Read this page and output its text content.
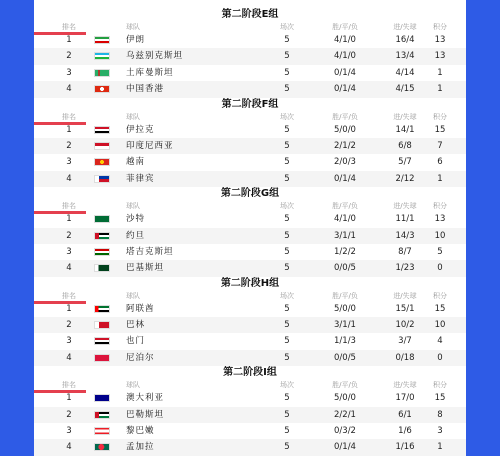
第二阶段E组
排名	球队	场次	胜/平/负	进/失球	积分
1	伊朗	5	4/1/0	16/4	13
2	乌兹别克斯坦	5	4/1/0	13/4	13
3	土库曼斯坦	5	0/1/4	4/14	1
4	中国香港	5	0/1/4	4/15	1
第二阶段F组
排名	球队	场次	胜/平/负	进/失球	积分
1	伊拉克	5	5/0/0	14/1	15
2	印度尼西亚	5	2/1/2	6/8	7
3	越南	5	2/0/3	5/7	6
4	菲律宾	5	0/1/4	2/12	1
第二阶段G组
排名	球队	场次	胜/平/负	进/失球	积分
1	沙特	5	4/1/0	11/1	13
2	约旦	5	3/1/1	14/3	10
3	塔吉克斯坦	5	1/2/2	8/7	5
4	巴基斯坦	5	0/0/5	1/23	0
第二阶段H组
排名	球队	场次	胜/平/负	进/失球	积分
1	阿联酋	5	5/0/0	15/1	15
2	巴林	5	3/1/1	10/2	10
3	也门	5	1/1/3	3/7	4
4	尼泊尔	5	0/0/5	0/18	0
第二阶段I组
排名	球队	场次	胜/平/负	进/失球	积分
1	澳大利亚	5	5/0/0	17/0	15
2	巴勒斯坦	5	2/2/1	6/1	8
3	黎巴嫩	5	0/3/2	1/6	3
4	孟加拉	5	0/1/4	1/16	1
